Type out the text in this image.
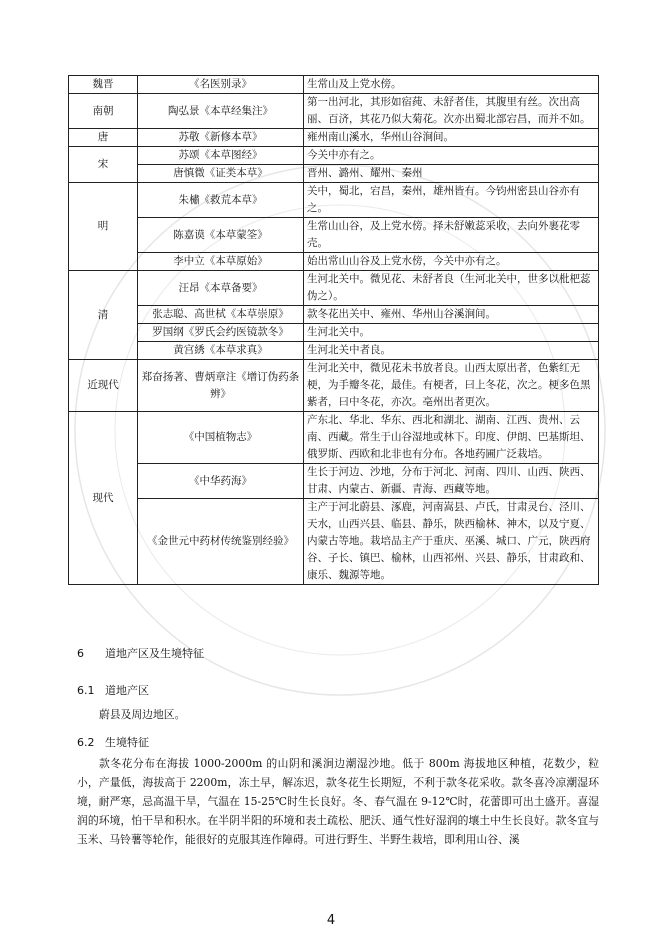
魏晋	《名医别录》	生常山及上党水傍。
南朝	陶弘景《本草经集注》	第一出河北，其形如宿莼、未舒者佳，其腹里有丝。次出高丽、百济，其花乃似大菊花。次亦出蜀北部宕昌，而并不如。
唐	苏敬《新修本草》	雍州南山溪水，华州山谷涧间。
宋	苏颂《本草图经》	今关中亦有之。
	唐慎微《证类本草》	晋州、潞州、耀州、秦州
明	朱橚《救荒本草》	关中，蜀北，宕昌，秦州，雄州皆有。今钧州密县山谷亦有之。
	陈嘉谟《本草蒙筌》	生常山山谷，及上党水傍。择未舒嫩蕊采收，去向外裹花零壳。
	李中立《本草原始》	始出常山山谷及上党水傍，今关中亦有之。
清	汪昂《本草备要》	生河北关中。微见花、未舒者良（生河北关中，世多以枇杷蕊伪之）。
	张志聪、高世栻《本草崇原》	款冬花出关中、雍州、华州山谷溪涧间。
	罗国纲《罗氏会约医镜款冬》	生河北关中。
	黄宫綉《本草求真》	生河北关中者良。
近现代	郑奋扬著、曹炳章注《增订伪药条辨》	生河北关中，微见花未书放者良。山西太原出者，色紫红无梗，为手瓣冬花，最佳。有梗者，曰上冬花，次之。梗多色黑紫者，曰中冬花，亦次。亳州出者更次。
现代	《中国植物志》	产东北、华北、华东、西北和湖北、湖南、江西、贵州、云南、西藏。常生于山谷湿地或林下。印度、伊朗、巴基斯坦、俄罗斯、西欧和北非也有分布。各地药圃广泛栽培。
	《中华药海》	生长于河边、沙地，分布于河北、河南、四川、山西、陕西、甘肃、内蒙古、新疆、青海、西藏等地。
	《金世元中药材传统鉴别经验》	主产于河北蔚县、涿鹿，河南嵩县、卢氏，甘肃灵台、泾川、天水，山西兴县、临县、静乐，陕西榆林、神木，以及宁夏、内蒙古等地。栽培品主产于重庆、巫溪、城口、广元，陕西府谷、子长、镇巴、榆林，山西祁州、兴县、静乐，甘肃政和、康乐、魏源等地。
6 道地产区及生境特征
6.1 道地产区

蔚县及周边地区。

6.2 生境特征

款冬花分布在海拔 1000-2000m 的山阴和溪涧边潮湿沙地。低于 800m 海拔地区种植，花数少，粒小，产量低，海拔高于 2200m，冻土早，解冻迟，款冬花生长期短，不利于款冬花采收。款冬喜冷凉潮湿环境，耐严寒，忌高温干旱，气温在 15-25℃时生长良好。冬、春气温在 9-12℃时，花蕾即可出土盛开。喜湿润的环境，怕干旱和积水。在半阴半阳的环境和表土疏松、肥沃、通气性好湿润的壤土中生长良好。款冬宜与玉米、马铃薯等轮作，能很好的克服其连作障碍。可进行野生、半野生栽培，即利用山谷、溪

4
